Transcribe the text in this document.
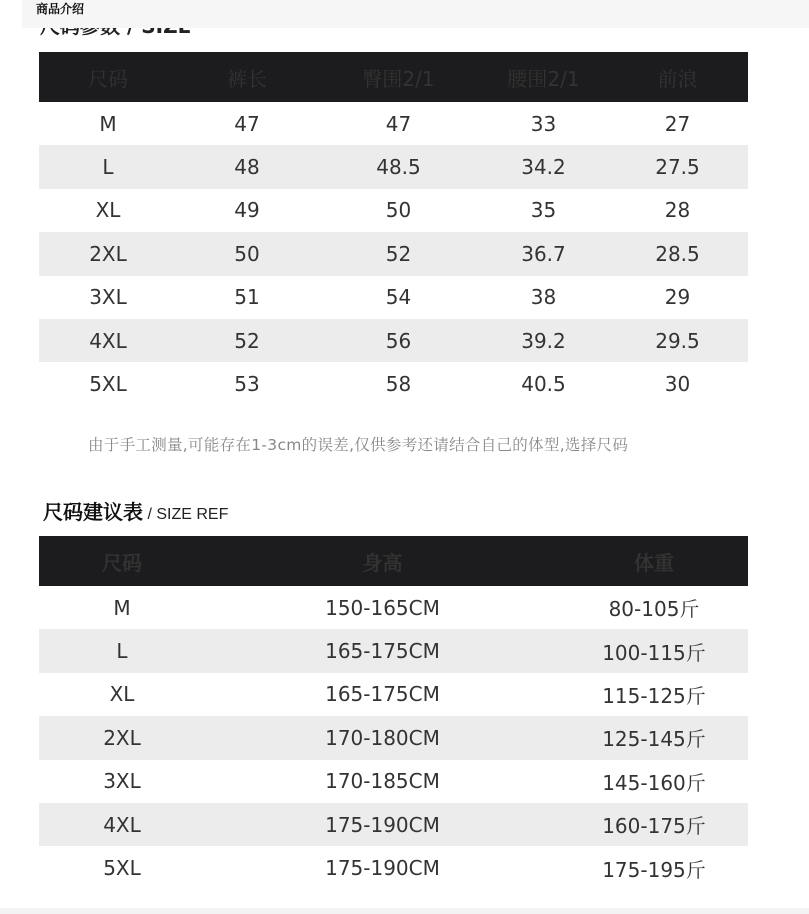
商品介绍
尺码	裤长	臀围2/1	腰围2/1	前浪
M	47	47	33	27
L	48	48.5	34.2	27.5
XL	49	50	35	28
2XL	50	52	36.7	28.5
3XL	51	54	38	29
4XL	52	56	39.2	29.5
5XL	53	58	40.5	30
由于手工测量,可能存在1-3cm的误差,仅供参考还请结合自己的体型,选择尺码
尺码建议表 / SIZE REF
尺码	身高	体重
M	150-165CM	80-105斤
L	165-175CM	100-115斤
XL	165-175CM	115-125斤
2XL	170-180CM	125-145斤
3XL	170-185CM	145-160斤
4XL	175-190CM	160-175斤
5XL	175-190CM	175-195斤
